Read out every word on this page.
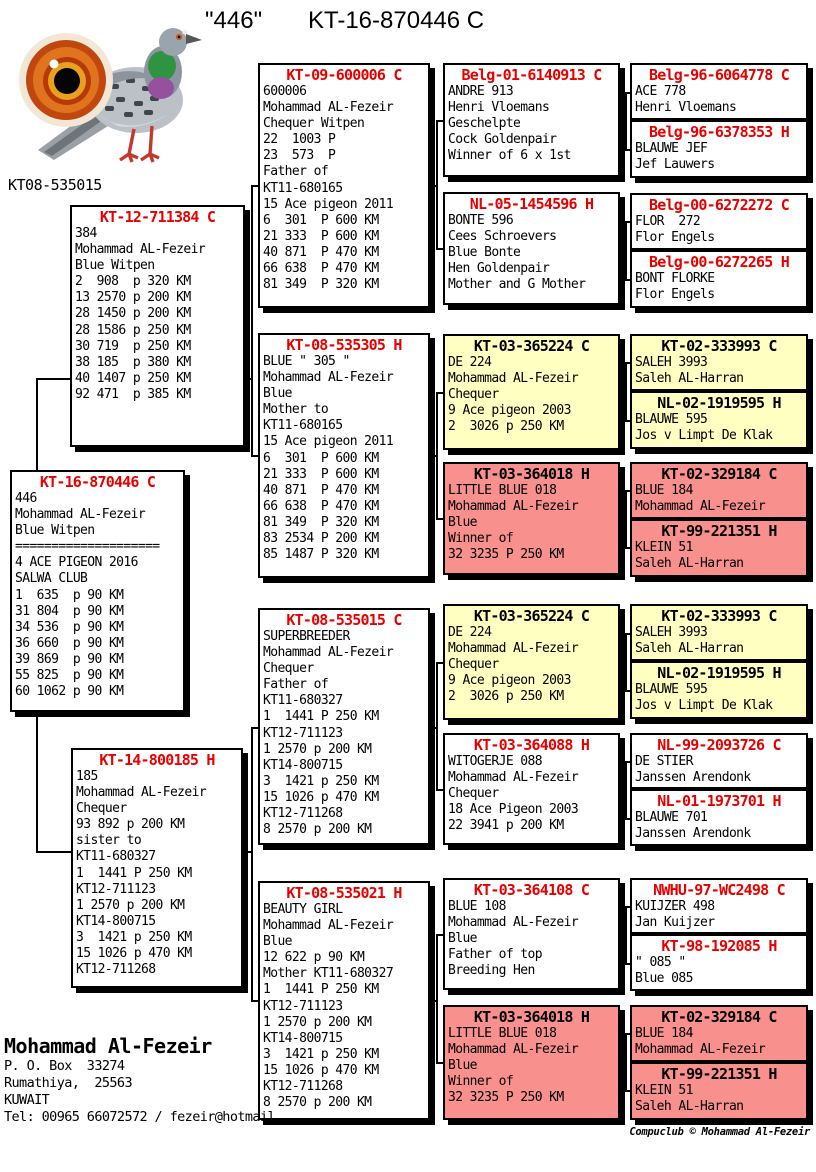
"446" KT-16-870446 C
KT08-535015
KT-12-711384 C
384
Mohammad AL-Fezeir
Blue Witpen
2  908  p 320 KM
13 2570 p 200 KM
28 1450 p 200 KM
28 1586 p 250 KM
30 719  p 250 KM
38 185  p 380 KM
40 1407 p 250 KM
92 471  p 385 KM
KT-16-870446 C
446
Mohammad AL-Fezeir
Blue Witpen
====================
4 ACE PIGEON 2016
SALWA CLUB
1  635  p 90 KM
31 804  p 90 KM
34 536  p 90 KM
36 660  p 90 KM
39 869  p 90 KM
55 825  p 90 KM
60 1062 p 90 KM
KT-14-800185 H
185
Mohammad AL-Fezeir
Chequer
93 892 p 200 KM
sister to
KT11-680327
1  1441 P 250 KM
KT12-711123
1 2570 p 200 KM
KT14-800715
3  1421 p 250 KM
15 1026 p 470 KM
KT12-711268
KT-09-600006 C
600006
Mohammad AL-Fezeir
Chequer Witpen
22  1003 P
23  573  P
Father of
KT11-680165
15 Ace pigeon 2011
6  301  P 600 KM
21 333  P 600 KM
40 871  P 470 KM
66 638  P 470 KM
81 349  P 320 KM
KT-08-535305 H
BLUE " 305 "
Mohammad AL-Fezeir
Blue
Mother to
KT11-680165
15 Ace pigeon 2011
6  301  P 600 KM
21 333  P 600 KM
40 871  P 470 KM
66 638  P 470 KM
81 349  P 320 KM
83 2534 P 200 KM
85 1487 P 320 KM
KT-08-535015 C
SUPERBREEDER
Mohammad AL-Fezeir
Chequer
Father of
KT11-680327
1  1441 P 250 KM
KT12-711123
1 2570 p 200 KM
KT14-800715
3  1421 p 250 KM
15 1026 p 470 KM
KT12-711268
8 2570 p 200 KM
KT-08-535021 H
BEAUTY GIRL
Mohammad AL-Fezeir
Blue
12 622 p 90 KM
Mother KT11-680327
1  1441 P 250 KM
KT12-711123
1 2570 p 200 KM
KT14-800715
3  1421 p 250 KM
15 1026 p 470 KM
KT12-711268
8 2570 p 200 KM
Belg-01-6140913 C
ANDRE 913
Henri Vloemans
Geschelpte
Cock Goldenpair
Winner of 6 x 1st
NL-05-1454596 H
BONTE 596
Cees Schroevers
Blue Bonte
Hen Goldenpair
Mother and G Mother
KT-03-365224 C
DE 224
Mohammad AL-Fezeir
Chequer
9 Ace pigeon 2003
2  3026 p 250 KM
KT-03-364018 H
LITTLE BLUE 018
Mohammad AL-Fezeir
Blue
Winner of
32 3235 P 250 KM
KT-03-365224 C
DE 224
Mohammad AL-Fezeir
Chequer
9 Ace pigeon 2003
2  3026 p 250 KM
KT-03-364088 H
WITOGERJE 088
Mohammad AL-Fezeir
Chequer
18 Ace Pigeon 2003
22 3941 p 200 KM
KT-03-364108 C
BLUE 108
Mohammad AL-Fezeir
Blue
Father of top
Breeding Hen
KT-03-364018 H
LITTLE BLUE 018
Mohammad AL-Fezeir
Blue
Winner of
32 3235 P 250 KM
Belg-96-6064778 C
ACE 778
Henri Vloemans
Belg-96-6378353 H
BLAUWE JEF
Jef Lauwers
Belg-00-6272272 C
FLOR  272
Flor Engels
Belg-00-6272265 H
BONT FLORKE
Flor Engels
KT-02-333993 C
SALEH 3993
Saleh AL-Harran
NL-02-1919595 H
BLAUWE 595
Jos v Limpt De Klak
KT-02-329184 C
BLUE 184
Mohammad AL-Fezeir
KT-99-221351 H
KLEIN 51
Saleh AL-Harran
KT-02-333993 C
SALEH 3993
Saleh AL-Harran
NL-02-1919595 H
BLAUWE 595
Jos v Limpt De Klak
NL-99-2093726 C
DE STIER
Janssen Arendonk
NL-01-1973701 H
BLAUWE 701
Janssen Arendonk
NWHU-97-WC2498 C
KUIJZER 498
Jan Kuijzer
KT-98-192085 H
" 085 "
Blue 085
KT-02-329184 C
BLUE 184
Mohammad AL-Fezeir
KT-99-221351 H
KLEIN 51
Saleh AL-Harran
Mohammad Al-Fezeir
P. O. Box  33274
Rumathiya,  25563
KUWAIT
Tel: 00965 66072572 / fezeir@hotmail.
Compuclub © Mohammad Al-Fezeir
